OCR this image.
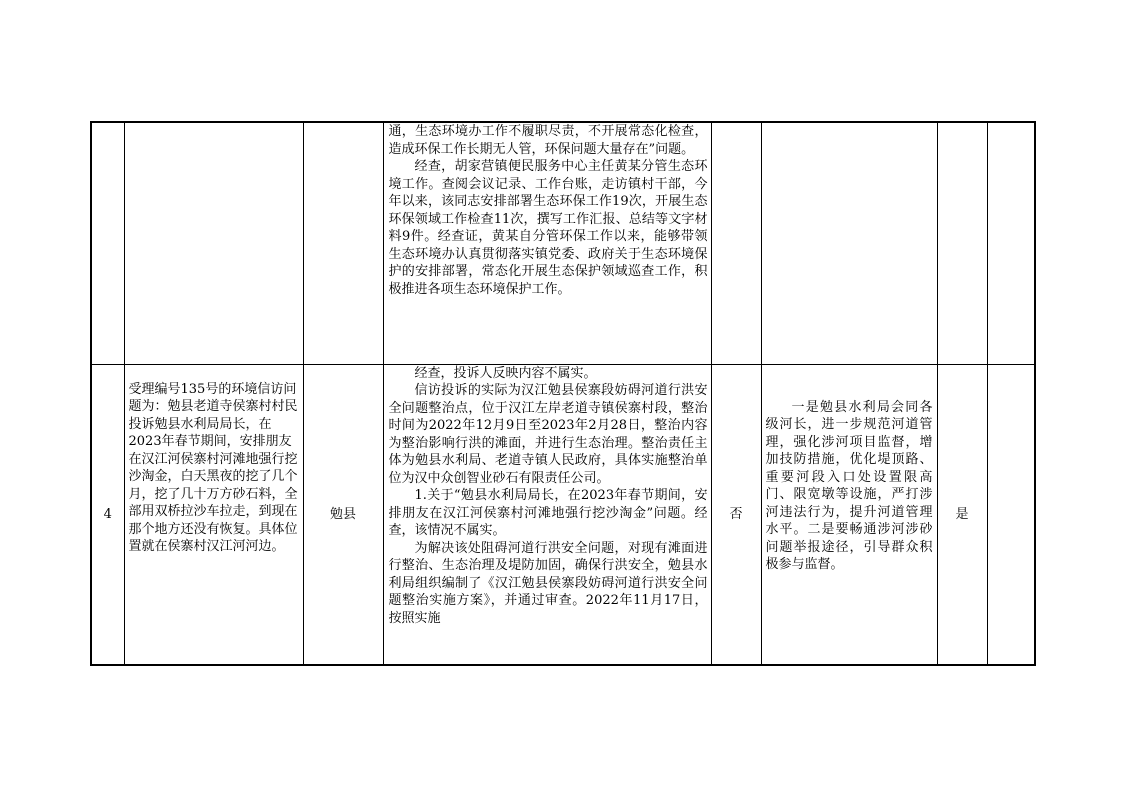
			通，生态环境办工作不履职尽责，不开展常态化检查，造成环保工作长期无人管，环保问题大量存在”问题。

经查，胡家营镇便民服务中心主任黄某分管生态环境工作。查阅会议记录、工作台账，走访镇村干部，今年以来，该同志安排部署生态环保工作19次，开展生态环保领域工作检查11次，撰写工作汇报、总结等文字材料9件。经查证，黄某自分管环保工作以来，能够带领生态环境办认真贯彻落实镇党委、政府关于生态环境保护的安排部署，常态化开展生态保护领域巡查工作，积极推进各项生态环境保护工作。				

4	受理编号135号的环境信访问题为：勉县老道寺侯寨村村民投诉勉县水利局局长，在2023年春节期间，安排朋友在汉江河侯寨村河滩地强行挖沙淘金，白天黑夜的挖了几个月，挖了几十万方砂石料，全部用双桥拉沙车拉走，到现在那个地方还没有恢复。具体位置就在侯寨村汉江河河边。	勉县	经查，投诉人反映内容不属实。

信访投诉的实际为汉江勉县侯寨段妨碍河道行洪安全问题整治点，位于汉江左岸老道寺镇侯寨村段，整治时间为2022年12月9日至2023年2月28日，整治内容为整治影响行洪的滩面，并进行生态治理。整治责任主体为勉县水利局、老道寺镇人民政府，具体实施整治单位为汉中众创智业砂石有限责任公司。

1.关于“勉县水利局局长，在2023年春节期间，安排朋友在汉江河侯寨村河滩地强行挖沙淘金”问题。经查，该情况不属实。

为解决该处阻碍河道行洪安全问题，对现有滩面进行整治、生态治理及堤防加固，确保行洪安全，勉县水利局组织编制了《汉江勉县侯寨段妨碍河道行洪安全问题整治实施方案》，并通过审查。2022年11月17日，按照实施	否	一是勉县水利局会同各级河长，进一步规范河道管理，强化涉河项目监督，增加技防措施，优化堤顶路、重要河段入口处设置限高门、限宽墩等设施，严打涉河违法行为，提升河道管理水平。二是要畅通涉河涉砂问题举报途径，引导群众积极参与监督。	是	
